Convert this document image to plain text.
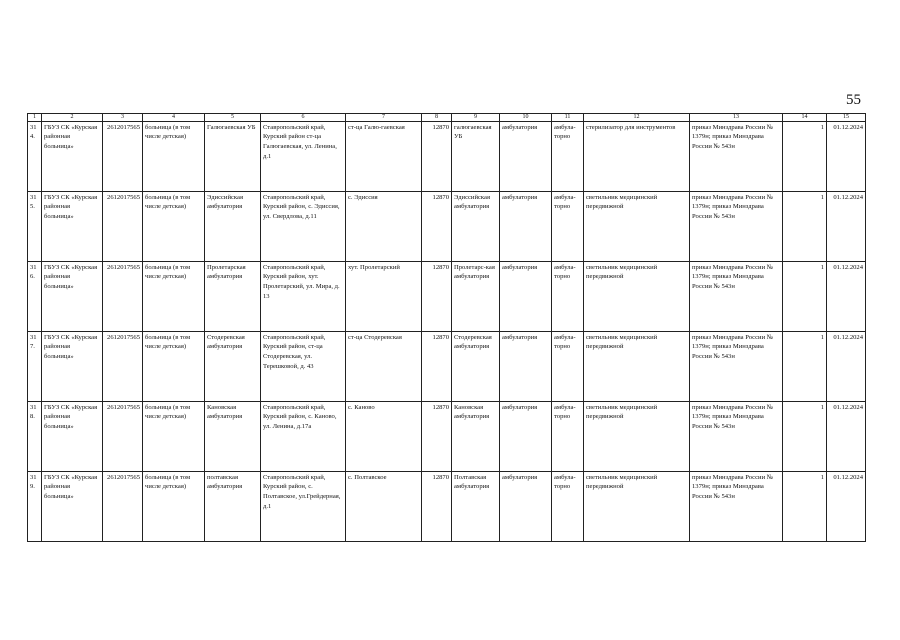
55
1	2	3	4	5	6	7	8	9	10	11	12	13	14	15
314.	ГБУЗ СК «Курская районная больница»	2612017565	больница (в том числе детская)	Галюгаевская УБ	Ставропольский край, Курский район ст-ца Галюгаевская, ул. Ленина, д.1	ст-ца Галю-гаевская	12870	галюгаевская УБ	амбулатория	амбула-торно	стерилизатор для инструментов	приказ Минздрава России № 1379н; приказ Минздрава России № 543н	1	01.12.2024
315.	ГБУЗ СК «Курская районная больница»	2612017565	больница (в том числе детская)	Эдиссийская амбулатория	Ставропольский край, Курский район, с. Эдиссия, ул. Свердлова, д.11	с. Эдиссия	12870	Эдиссийская амбулатория	амбулатория	амбула-торно	светильник медицинский передвижной	приказ Минздрава России № 1379н; приказ Минздрава России № 543н	1	01.12.2024
316.	ГБУЗ СК «Курская районная больница»	2612017565	больница (в том числе детская)	Пролетарская амбулатория	Ставропольский край, Курский район, хут. Пролетарский, ул. Мира, д. 13	хут. Пролетарский	12870	Пролетарс-кая амбулатория	амбулатория	амбула-торно	светильник медицинский передвижной	приказ Минздрава России № 1379н; приказ Минздрава России № 543н	1	01.12.2024
317.	ГБУЗ СК «Курская районная больница»	2612017565	больница (в том числе детская)	Стодеревская амбулатория	Ставропольский край, Курский район, ст-ца Стодеревская, ул. Терешковой, д. 43	ст-ца Стодеревская	12870	Стодеревская амбулатория	амбулатория	амбула-торно	светильник медицинский передвижной	приказ Минздрава России № 1379н; приказ Минздрава России № 543н	1	01.12.2024
318.	ГБУЗ СК «Курская районная больница»	2612017565	больница (в том числе детская)	Кановская амбулатория	Ставропольский край, Курский район, с. Каново, ул. Ленина, д.17а	с. Каново	12870	Кановская амбулатория	амбулатория	амбула-торно	светильник медицинский передвижной	приказ Минздрава России № 1379н; приказ Минздрава России № 543н	1	01.12.2024
319.	ГБУЗ СК «Курская районная больница»	2612017565	больница (в том числе детская)	полтавская амбулатория	Ставропольский край, Курский район, с. Полтавское, ул.Грейдерная, д.1	с. Полтавское	12870	Полтавская амбулатория	амбулатория	амбула-торно	светильник медицинский передвижной	приказ Минздрава России № 1379н; приказ Минздрава России № 543н	1	01.12.2024
